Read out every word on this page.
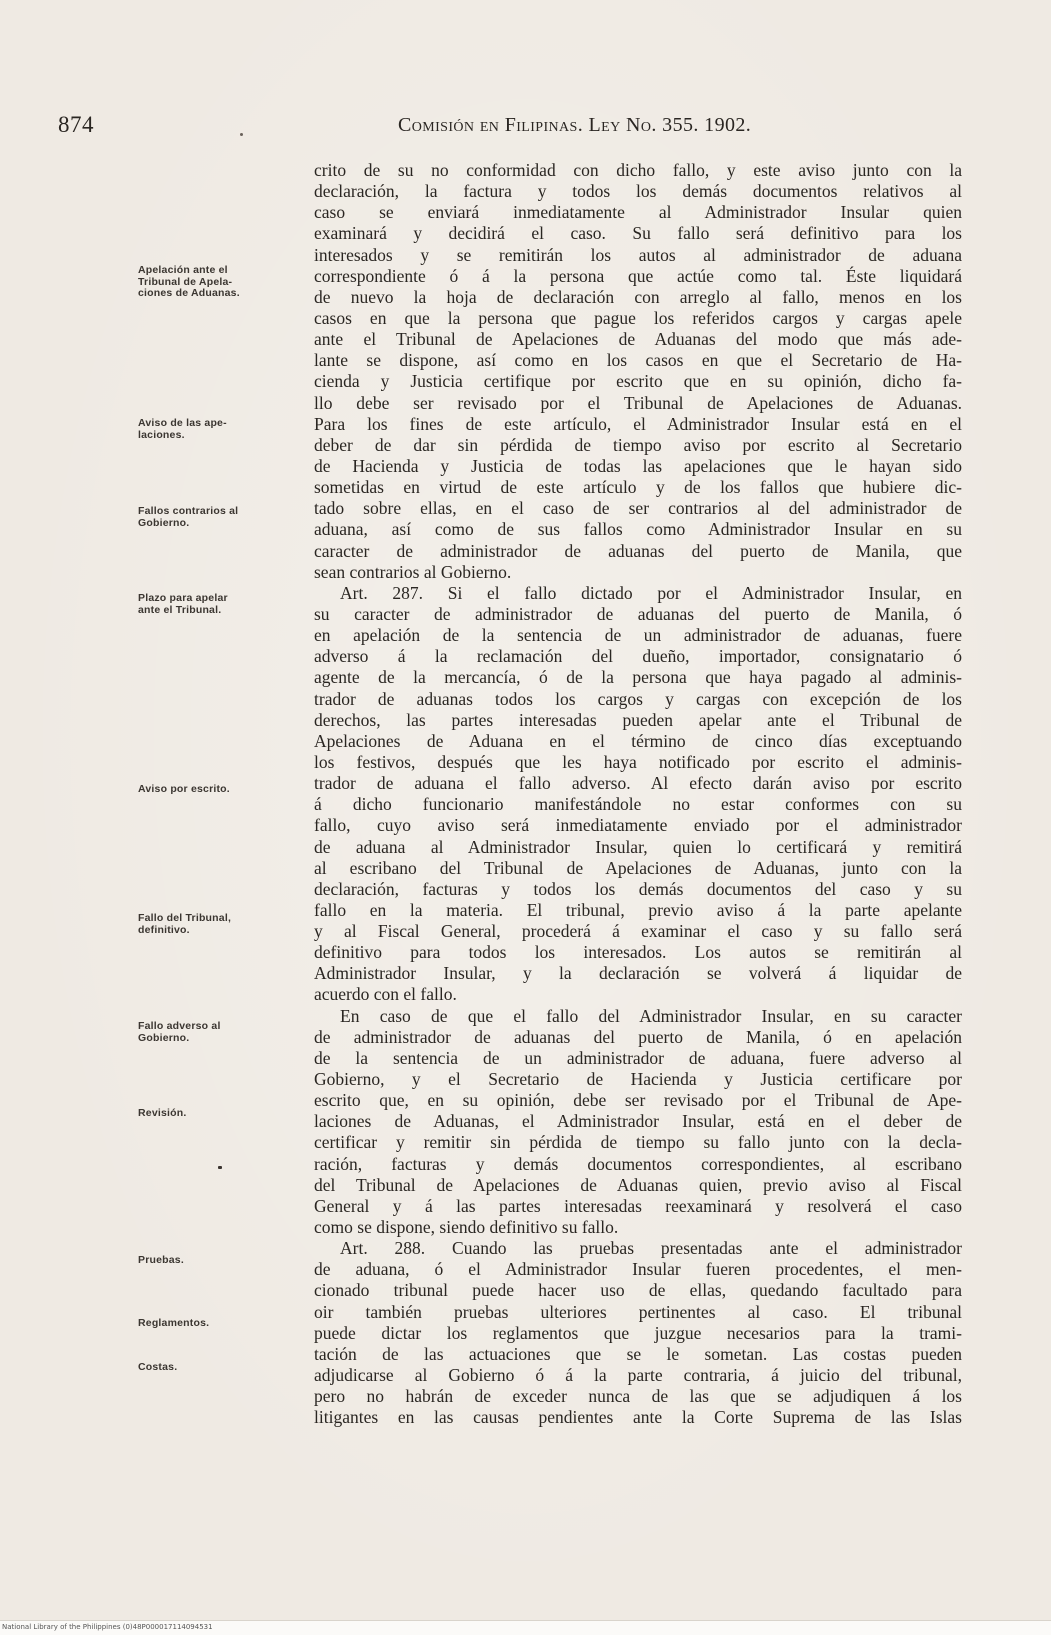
874	Comisión en Filipinas. Ley No. 355. 1902.
crito de su no conformidad con dicho fallo, y este aviso junto con la
declaración, la factura y todos los demás documentos relativos al
caso se enviará inmediatamente al Administrador Insular quien
examinará y decidirá el caso. Su fallo será definitivo para los
interesados y se remitirán los autos al administrador de aduana
correspondiente ó á la persona que actúe como tal. Éste liquidará
de nuevo la hoja de declaración con arreglo al fallo, menos en los
casos en que la persona que pague los referidos cargos y cargas apele
ante el Tribunal de Apelaciones de Aduanas del modo que más ade-
lante se dispone, así como en los casos en que el Secretario de Ha-
cienda y Justicia certifique por escrito que en su opinión, dicho fa-
llo debe ser revisado por el Tribunal de Apelaciones de Aduanas.
Para los fines de este artículo, el Administrador Insular está en el
deber de dar sin pérdida de tiempo aviso por escrito al Secretario
de Hacienda y Justicia de todas las apelaciones que le hayan sido
sometidas en virtud de este artículo y de los fallos que hubiere dic-
tado sobre ellas, en el caso de ser contrarios al del administrador de
aduana, así como de sus fallos como Administrador Insular en su
caracter de administrador de aduanas del puerto de Manila, que
sean contrarios al Gobierno.
Art. 287. Si el fallo dictado por el Administrador Insular, en
su caracter de administrador de aduanas del puerto de Manila, ó
en apelación de la sentencia de un administrador de aduanas, fuere
adverso á la reclamación del dueño, importador, consignatario ó
agente de la mercancía, ó de la persona que haya pagado al adminis-
trador de aduanas todos los cargos y cargas con excepción de los
derechos, las partes interesadas pueden apelar ante el Tribunal de
Apelaciones de Aduana en el término de cinco días exceptuando
los festivos, después que les haya notificado por escrito el adminis-
trador de aduana el fallo adverso. Al efecto darán aviso por escrito
á dicho funcionario manifestándole no estar conformes con su
fallo, cuyo aviso será inmediatamente enviado por el administrador
de aduana al Administrador Insular, quien lo certificará y remitirá
al escribano del Tribunal de Apelaciones de Aduanas, junto con la
declaración, facturas y todos los demás documentos del caso y su
fallo en la materia. El tribunal, previo aviso á la parte apelante
y al Fiscal General, procederá á examinar el caso y su fallo será
definitivo para todos los interesados. Los autos se remitirán al
Administrador Insular, y la declaración se volverá á liquidar de
acuerdo con el fallo.
En caso de que el fallo del Administrador Insular, en su caracter
de administrador de aduanas del puerto de Manila, ó en apelación
de la sentencia de un administrador de aduana, fuere adverso al
Gobierno, y el Secretario de Hacienda y Justicia certificare por
escrito que, en su opinión, debe ser revisado por el Tribunal de Ape-
laciones de Aduanas, el Administrador Insular, está en el deber de
certificar y remitir sin pérdida de tiempo su fallo junto con la decla-
ración, facturas y demás documentos correspondientes, al escribano
del Tribunal de Apelaciones de Aduanas quien, previo aviso al Fiscal
General y á las partes interesadas reexaminará y resolverá el caso
como se dispone, siendo definitivo su fallo.
Art. 288. Cuando las pruebas presentadas ante el administrador
de aduana, ó el Administrador Insular fueren procedentes, el men-
cionado tribunal puede hacer uso de ellas, quedando facultado para
oir también pruebas ulteriores pertinentes al caso. El tribunal
puede dictar los reglamentos que juzgue necesarios para la trami-
tación de las actuaciones que se le sometan. Las costas pueden
adjudicarse al Gobierno ó á la parte contraria, á juicio del tribunal,
pero no habrán de exceder nunca de las que se adjudiquen á los
litigantes en las causas pendientes ante la Corte Suprema de las Islas
Apelación ante el
Tribunal de Apela-
ciones de Aduanas.
Aviso de las ape-
laciones.
Fallos contrarios al
Gobierno.
Plazo para apelar
ante el Tribunal.
Aviso por escrito.
Fallo del Tribunal,
definitivo.
Fallo adverso al
Gobierno.
Revisión.
Pruebas.
Reglamentos.
Costas.
National Library of the Philippines (0)48P000017114094531
